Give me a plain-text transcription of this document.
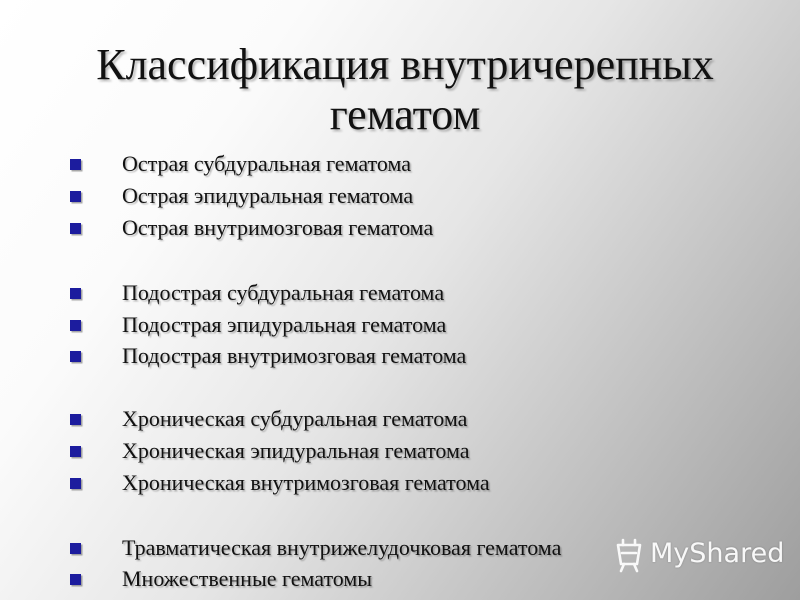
Классификация внутричерепных
гематом
Острая субдуральная гематома
Острая эпидуральная гематома
Острая внутримозговая гематома
Подострая субдуральная гематома
Подострая эпидуральная гематома
Подострая внутримозговая гематома
Хроническая субдуральная гематома
Хроническая эпидуральная гематома
Хроническая внутримозговая гематома
Травматическая внутрижелудочковая гематома
Множественные гематомы
MyShared
